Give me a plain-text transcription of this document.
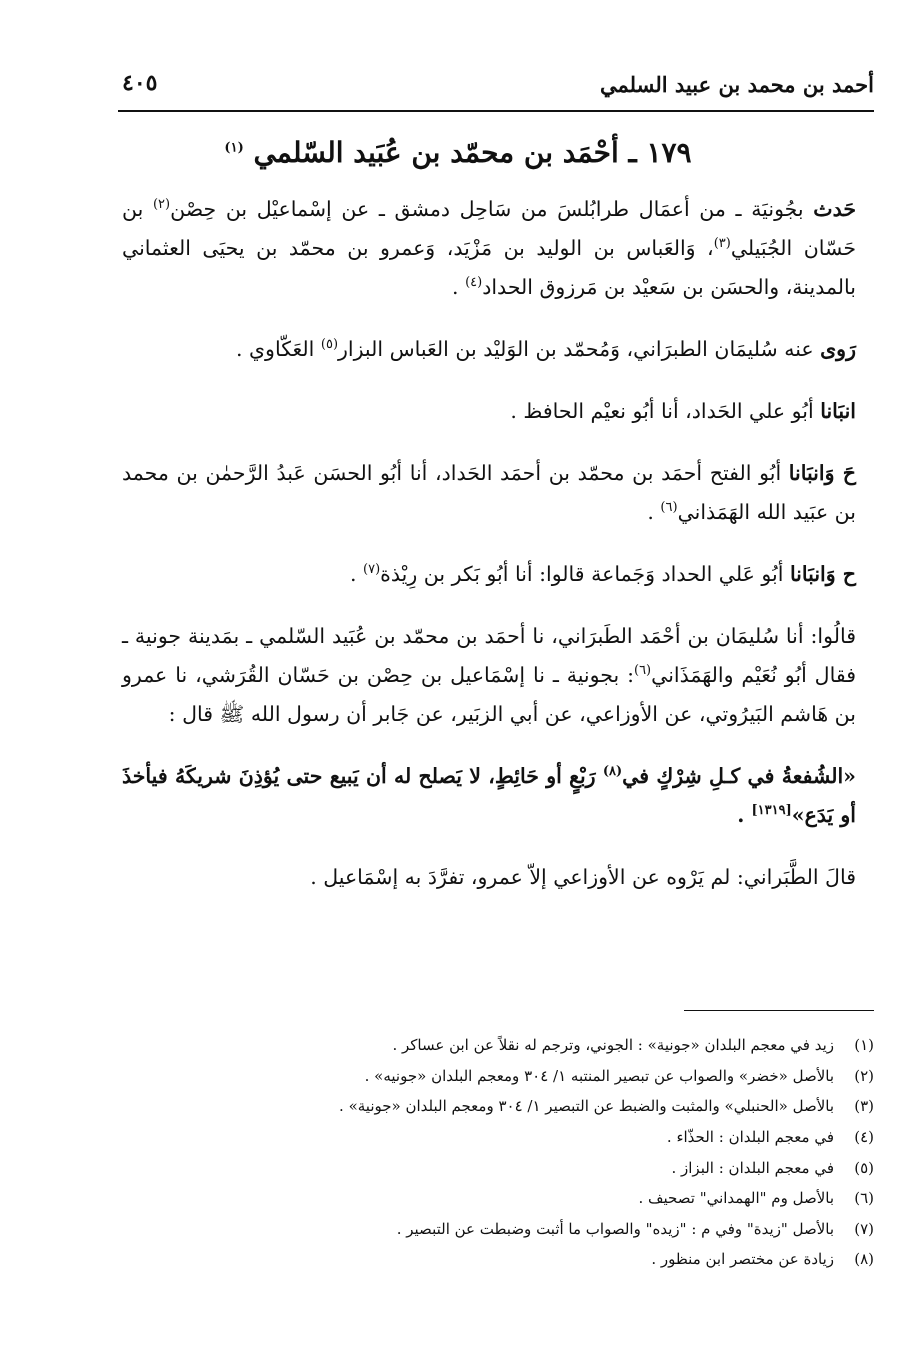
أحمد بن محمد بن عبيد السلمي
٤٠٥
١٧٩ ـ أحْمَد بن محمّد بن عُبَيد السّلمي $^{(١)}$

حَدث بجُونيَة ـ من أعمَال طرابُلسَ من سَاحِل دمشق ـ عن إسْماعيْل بن حِصْن$^{(٢)}$ بن حَسّان الجُبَيلي$^{(٣)}$، وَالعَباس بن الوليد بن مَزْيَد، وَعمرو بن محمّد بن يحيَى العثماني بالمدينة، والحسَن بن سَعيْد بن مَرزوق الحداد$^{(٤)}$ .

رَوى عنه سُليمَان الطبرَاني، وَمُحمّد بن الوَليْد بن العَباس البزار$^{(٥)}$ العَكّاوي .

انبَانا أبُو علي الحَداد، أنا أبُو نعيْم الحافظ .

حَ وَانبَانا أبُو الفتح أحمَد بن محمّد بن أحمَد الحَداد، أنا أبُو الحسَن عَبدُ الرَّحمٰن بن محمد بن عبَيد الله الهَمَذاني$^{(٦)}$ .

ح وَانبَانا أبُو عَلي الحداد وَجَماعة قالوا: أنا أبُو بَكر بن رِيْذة$^{(٧)}$ .

قالُوا: أنا سُليمَان بن أحْمَد الطَبرَاني، نا أحمَد بن محمّد بن عُبَيد السّلمي ـ بمَدينة جونية ـ فقال أبُو نُعَيْم والهَمَذَاني$^{(٦)}$: بجونية ـ نا إسْمَاعيل بن حِصْن بن حَسّان القُرَشي، نا عمرو بن هَاشم البَيرُوتي، عن الأوزاعي، عن أبي الزبَير، عن جَابر أن رسول الله ﷺ قال :

«الشُفعةُ في كـلِ شِرْكٍ في$^{(٨)}$ رَبْعٍ أو حَائِطٍ، لا يَصلح له أن يَبيع حتى يُؤذِنَ شريكَهُ فيأخذَ أو يَدَع»[١٣١٩] .

قالَ الطَّبَراني: لم يَرْوه عن الأوزاعي إلاّ عمرو، تفرَّدَ به إسْمَاعيل .

(١)
زيد في معجم البلدان «جونية» : الجوني، وترجم له نقلاً عن ابن عساكر .
(٢)
بالأصل «خضر» والصواب عن تبصير المنتبه ١/ ٣٠٤ ومعجم البلدان «جونيه» .
(٣)
بالأصل «الحنبلي» والمثبت والضبط عن التبصير ١/ ٣٠٤ ومعجم البلدان «جونية» .
(٤)
في معجم البلدان : الحذّاء .
(٥)
في معجم البلدان : البزاز .
(٦)
بالأصل وم "الهمداني" تصحيف .
(٧)
بالأصل "زيدة" وفي م : "زيده" والصواب ما أثبت وضبطت عن التبصير .
(٨)
زيادة عن مختصر ابن منظور .
